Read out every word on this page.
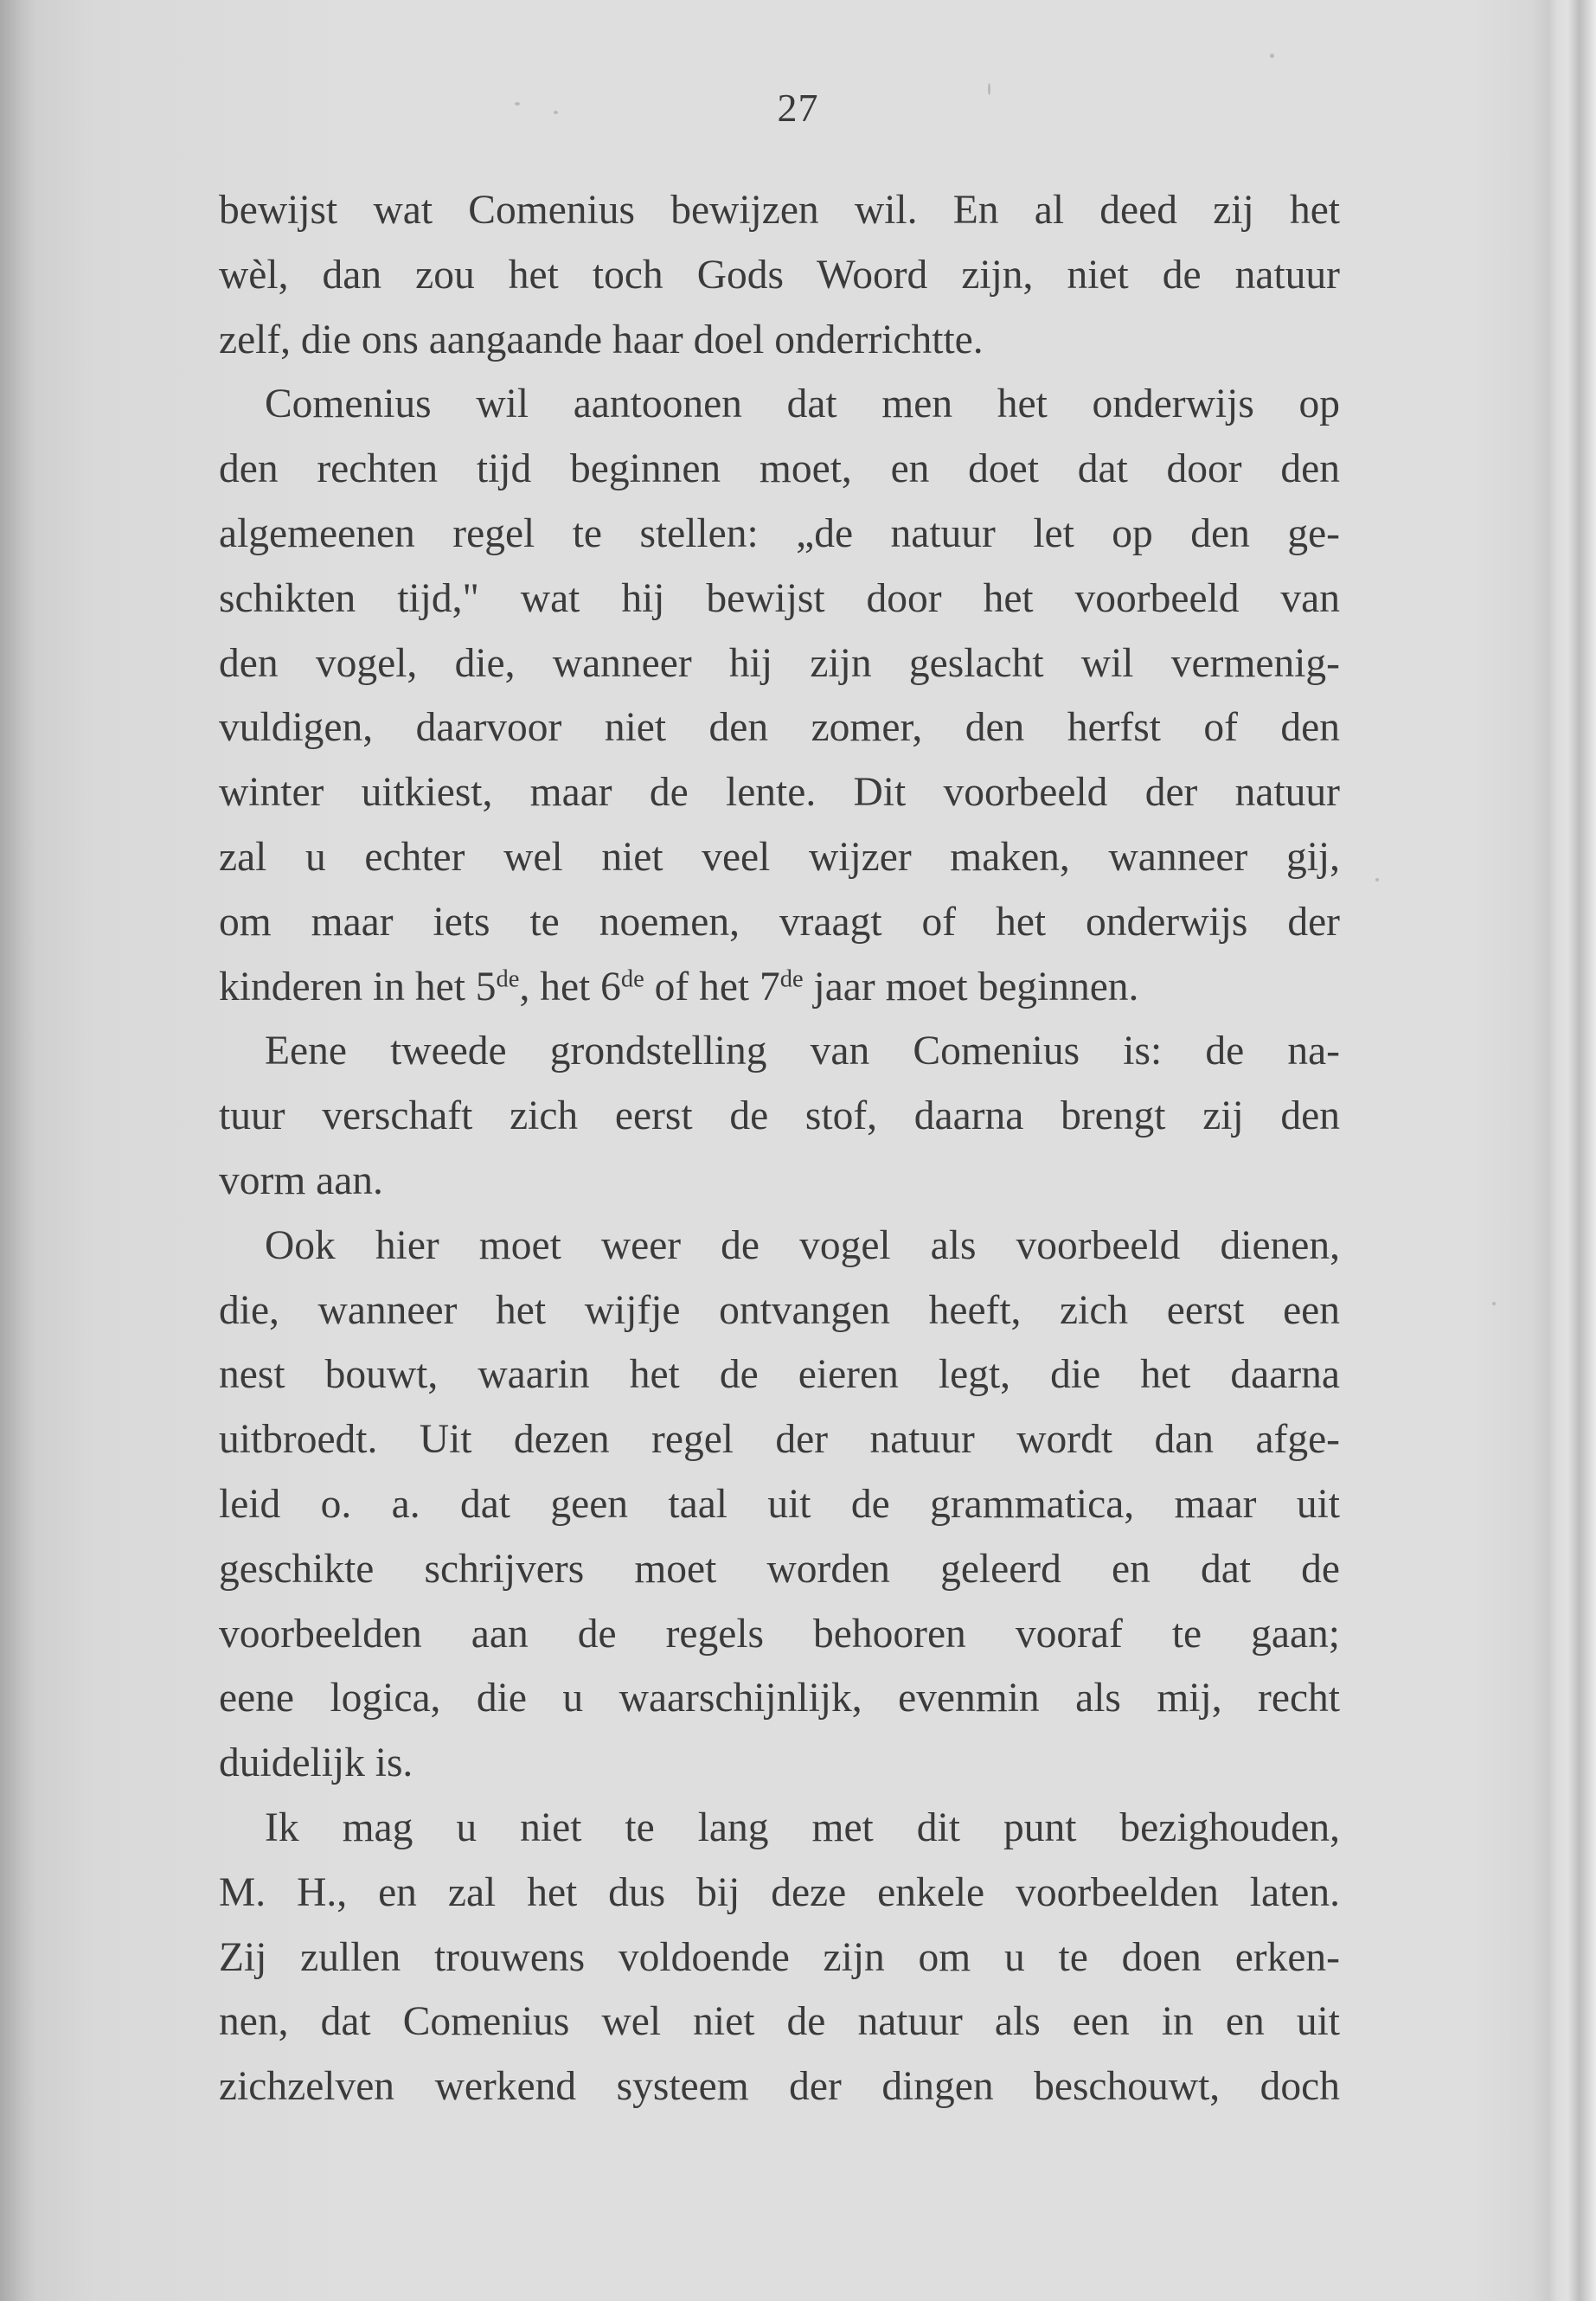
27
bewijst wat Comenius bewijzen wil. En al deed zij het
wèl, dan zou het toch Gods Woord zijn, niet de natuur
zelf, die ons aangaande haar doel onderrichtte.
Comenius wil aantoonen dat men het onderwijs op
den rechten tijd beginnen moet, en doet dat door den
algemeenen regel te stellen: „de natuur let op den ge-
schikten tijd," wat hij bewijst door het voorbeeld van
den vogel, die, wanneer hij zijn geslacht wil vermenig-
vuldigen, daarvoor niet den zomer, den herfst of den
winter uitkiest, maar de lente. Dit voorbeeld der natuur
zal u echter wel niet veel wijzer maken, wanneer gij,
om maar iets te noemen, vraagt of het onderwijs der
kinderen in het 5de, het 6de of het 7de jaar moet beginnen.
Eene tweede grondstelling van Comenius is: de na-
tuur verschaft zich eerst de stof, daarna brengt zij den
vorm aan.
Ook hier moet weer de vogel als voorbeeld dienen,
die, wanneer het wijfje ontvangen heeft, zich eerst een
nest bouwt, waarin het de eieren legt, die het daarna
uitbroedt. Uit dezen regel der natuur wordt dan afge-
leid o. a. dat geen taal uit de grammatica, maar uit
geschikte schrijvers moet worden geleerd en dat de
voorbeelden aan de regels behooren vooraf te gaan;
eene logica, die u waarschijnlijk, evenmin als mij, recht
duidelijk is.
Ik mag u niet te lang met dit punt bezighouden,
M. H., en zal het dus bij deze enkele voorbeelden laten.
Zij zullen trouwens voldoende zijn om u te doen erken-
nen, dat Comenius wel niet de natuur als een in en uit
zichzelven werkend systeem der dingen beschouwt, doch
